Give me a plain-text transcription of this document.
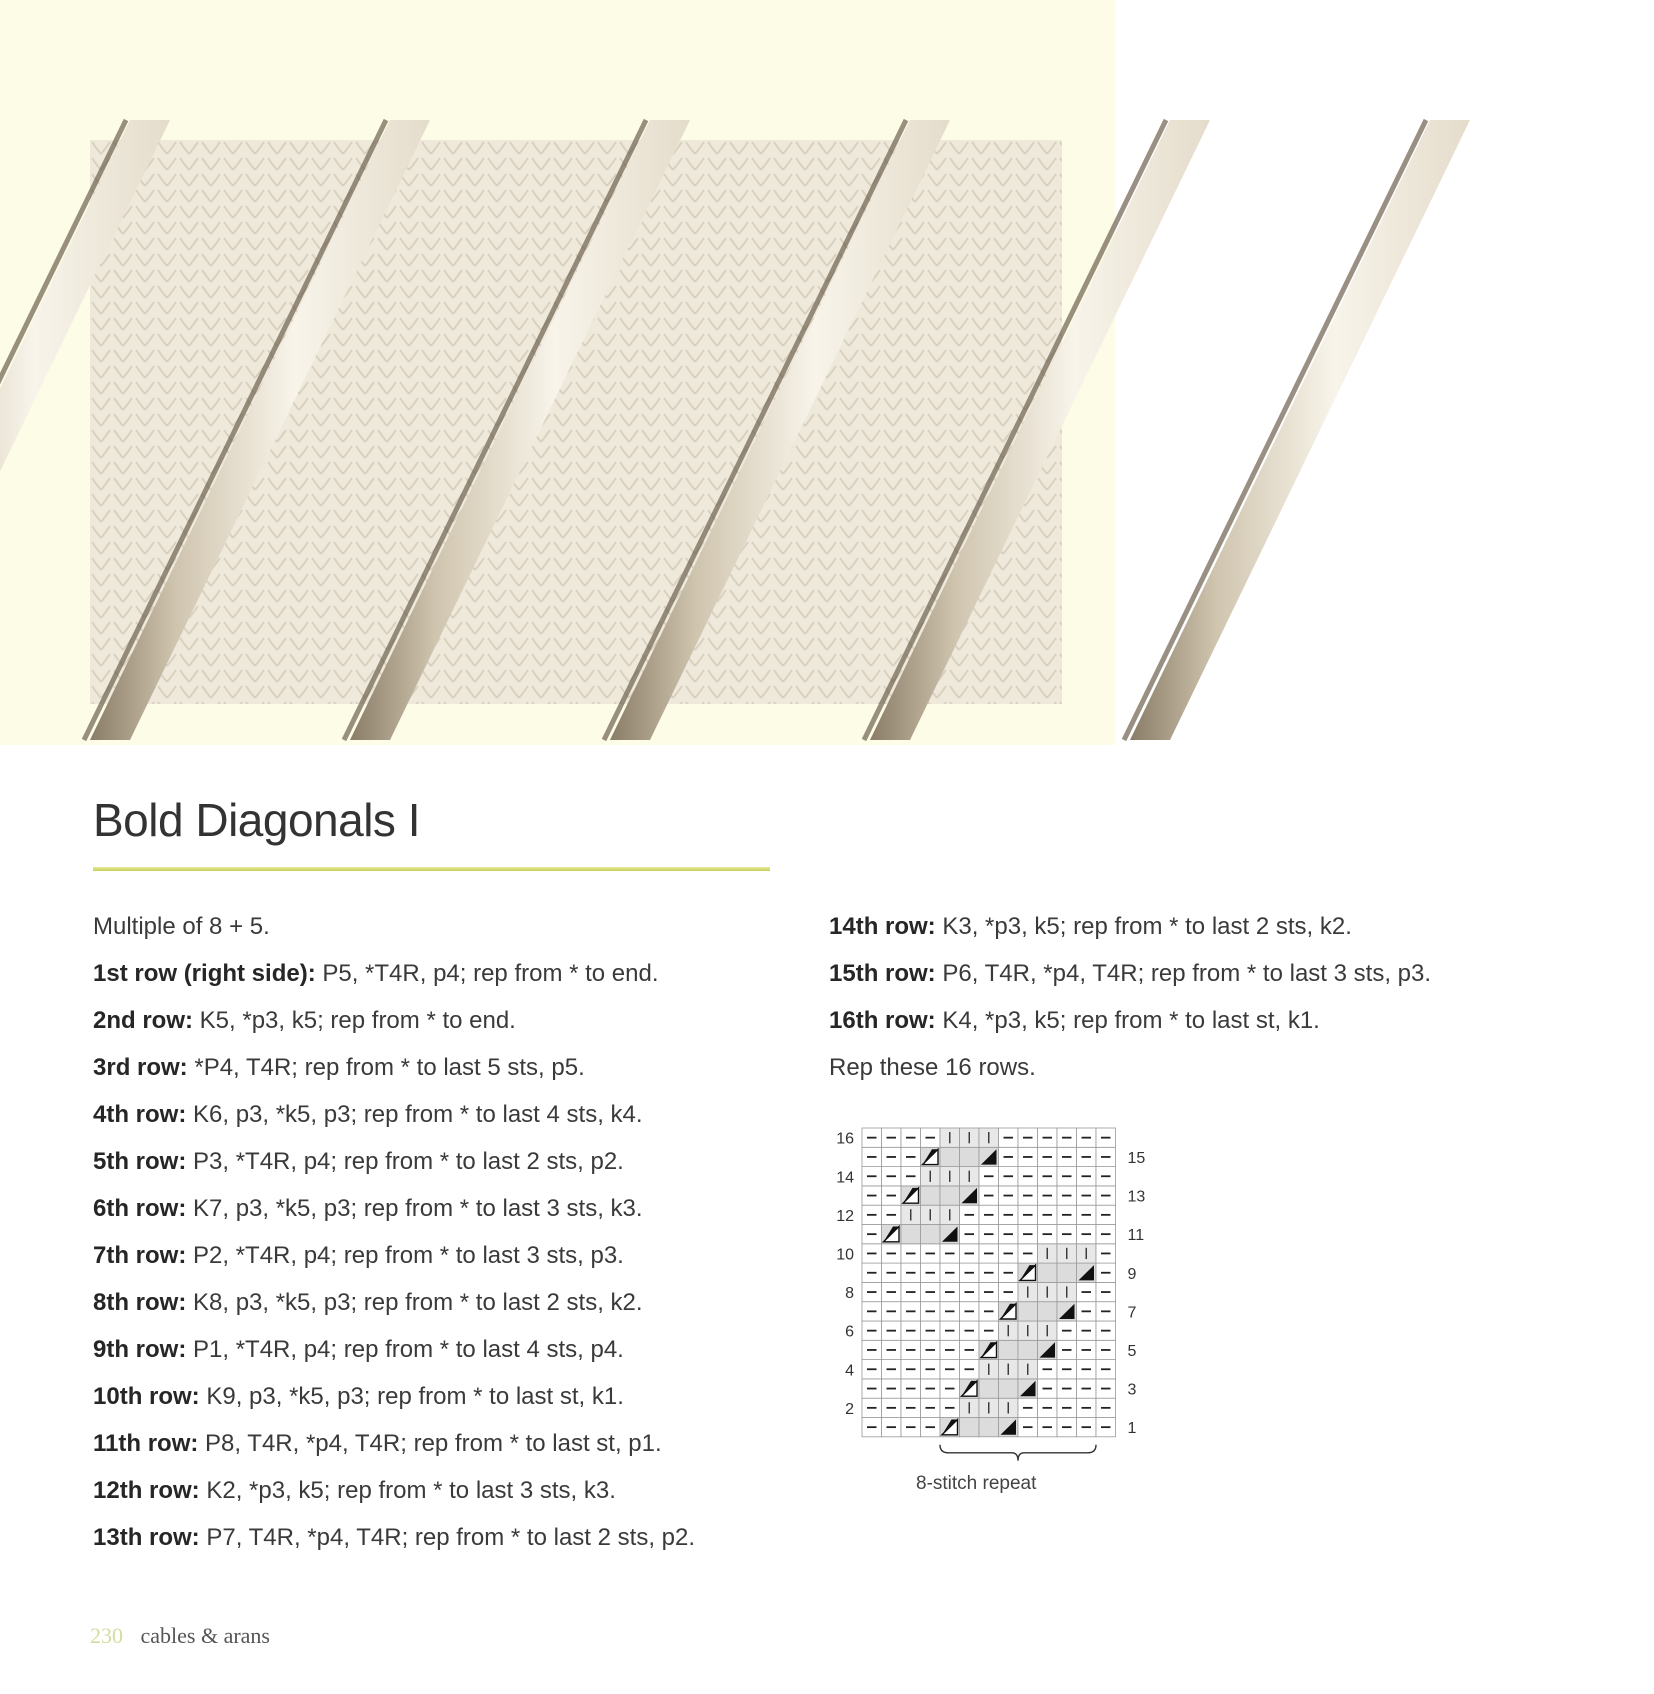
Bold Diagonals I

Multiple of 8 + 5.

1st row (right side): P5, *T4R, p4; rep from * to end.

2nd row: K5, *p3, k5; rep from * to end.

3rd row: *P4, T4R; rep from * to last 5 sts, p5.

4th row: K6, p3, *k5, p3; rep from * to last 4 sts, k4.

5th row: P3, *T4R, p4; rep from * to last 2 sts, p2.

6th row: K7, p3, *k5, p3; rep from * to last 3 sts, k3.

7th row: P2, *T4R, p4; rep from * to last 3 sts, p3.

8th row: K8, p3, *k5, p3; rep from * to last 2 sts, k2.

9th row: P1, *T4R, p4; rep from * to last 4 sts, p4.

10th row: K9, p3, *k5, p3; rep from * to last st, k1.

11th row: P8, T4R, *p4, T4R; rep from * to last st, p1.

12th row: K2, *p3, k5; rep from * to last 3 sts, k3.

13th row: P7, T4R, *p4, T4R; rep from * to last 2 sts, p2.

14th row: K3, *p3, k5; rep from * to last 2 sts, k2.

15th row: P6, T4R, *p4, T4R; rep from * to last 3 sts, p3.

16th row: K4, *p3, k5; rep from * to last st, k1.

Rep these 16 rows.

1
2
3
4
5
6
7
8
9
10
11
12
13
14
15
16
8-stitch repeat
230 cables & arans
